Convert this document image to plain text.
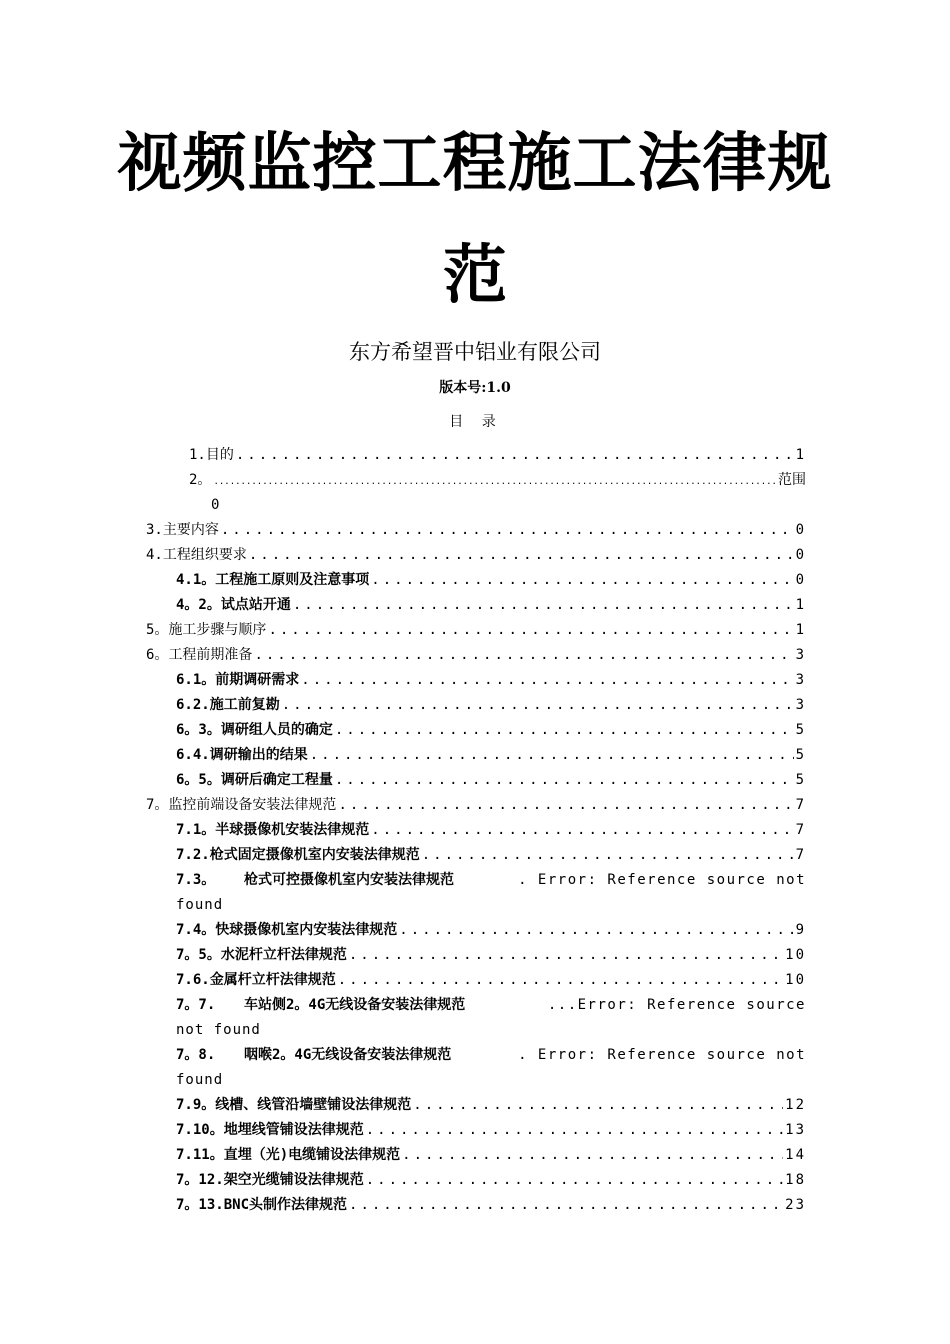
视频监控工程施工法律规
范
东方希望晋中铝业有限公司
版本号:1.0
目 录
1. 目的 .....	1
2。 .....	范围
0
3. 主要内容 .....	0
4. 工程组织要求 .....	0
4.1。 工程施工原则及注意事项 .....	0
4。2。 试点站开通 .....	1
5。 施工步骤与顺序 .....	1
6。 工程前期准备 .....	3
6.1。 前期调研需求 .....	3
6.2. 施工前复勘 .....	3
6。3。 调研组人员的确定 .....	5
6.4. 调研输出的结果 .....	5
6。5。 调研后确定工程量 .....	5
7。 监控前端设备安装法律规范 .....	7
7.1。 半球摄像机安装法律规范 .....	7
7.2. 枪式固定摄像机室内安装法律规范 .....	7
7.3。	枪式可控摄像机室内安装法律规范	. Error: Reference source not
found
7.4。 快球摄像机室内安装法律规范 .....	9
7。5。 水泥杆立杆法律规范 .....	10
7.6. 金属杆立杆法律规范 .....	10
7。7.	车站侧2。4G无线设备安装法律规范	...Error: Reference source
not found
7。8.	咽喉2。4G无线设备安装法律规范	. Error: Reference source not
found
7.9。 线槽、线管沿墙壁铺设法律规范 .....	12
7.10。 地埋线管铺设法律规范 .....	13
7.11。 直埋（光)电缆铺设法律规范 .....	14
7。12. 架空光缆铺设法律规范 .....	18
7。13. BNC头制作法律规范 .....	23
